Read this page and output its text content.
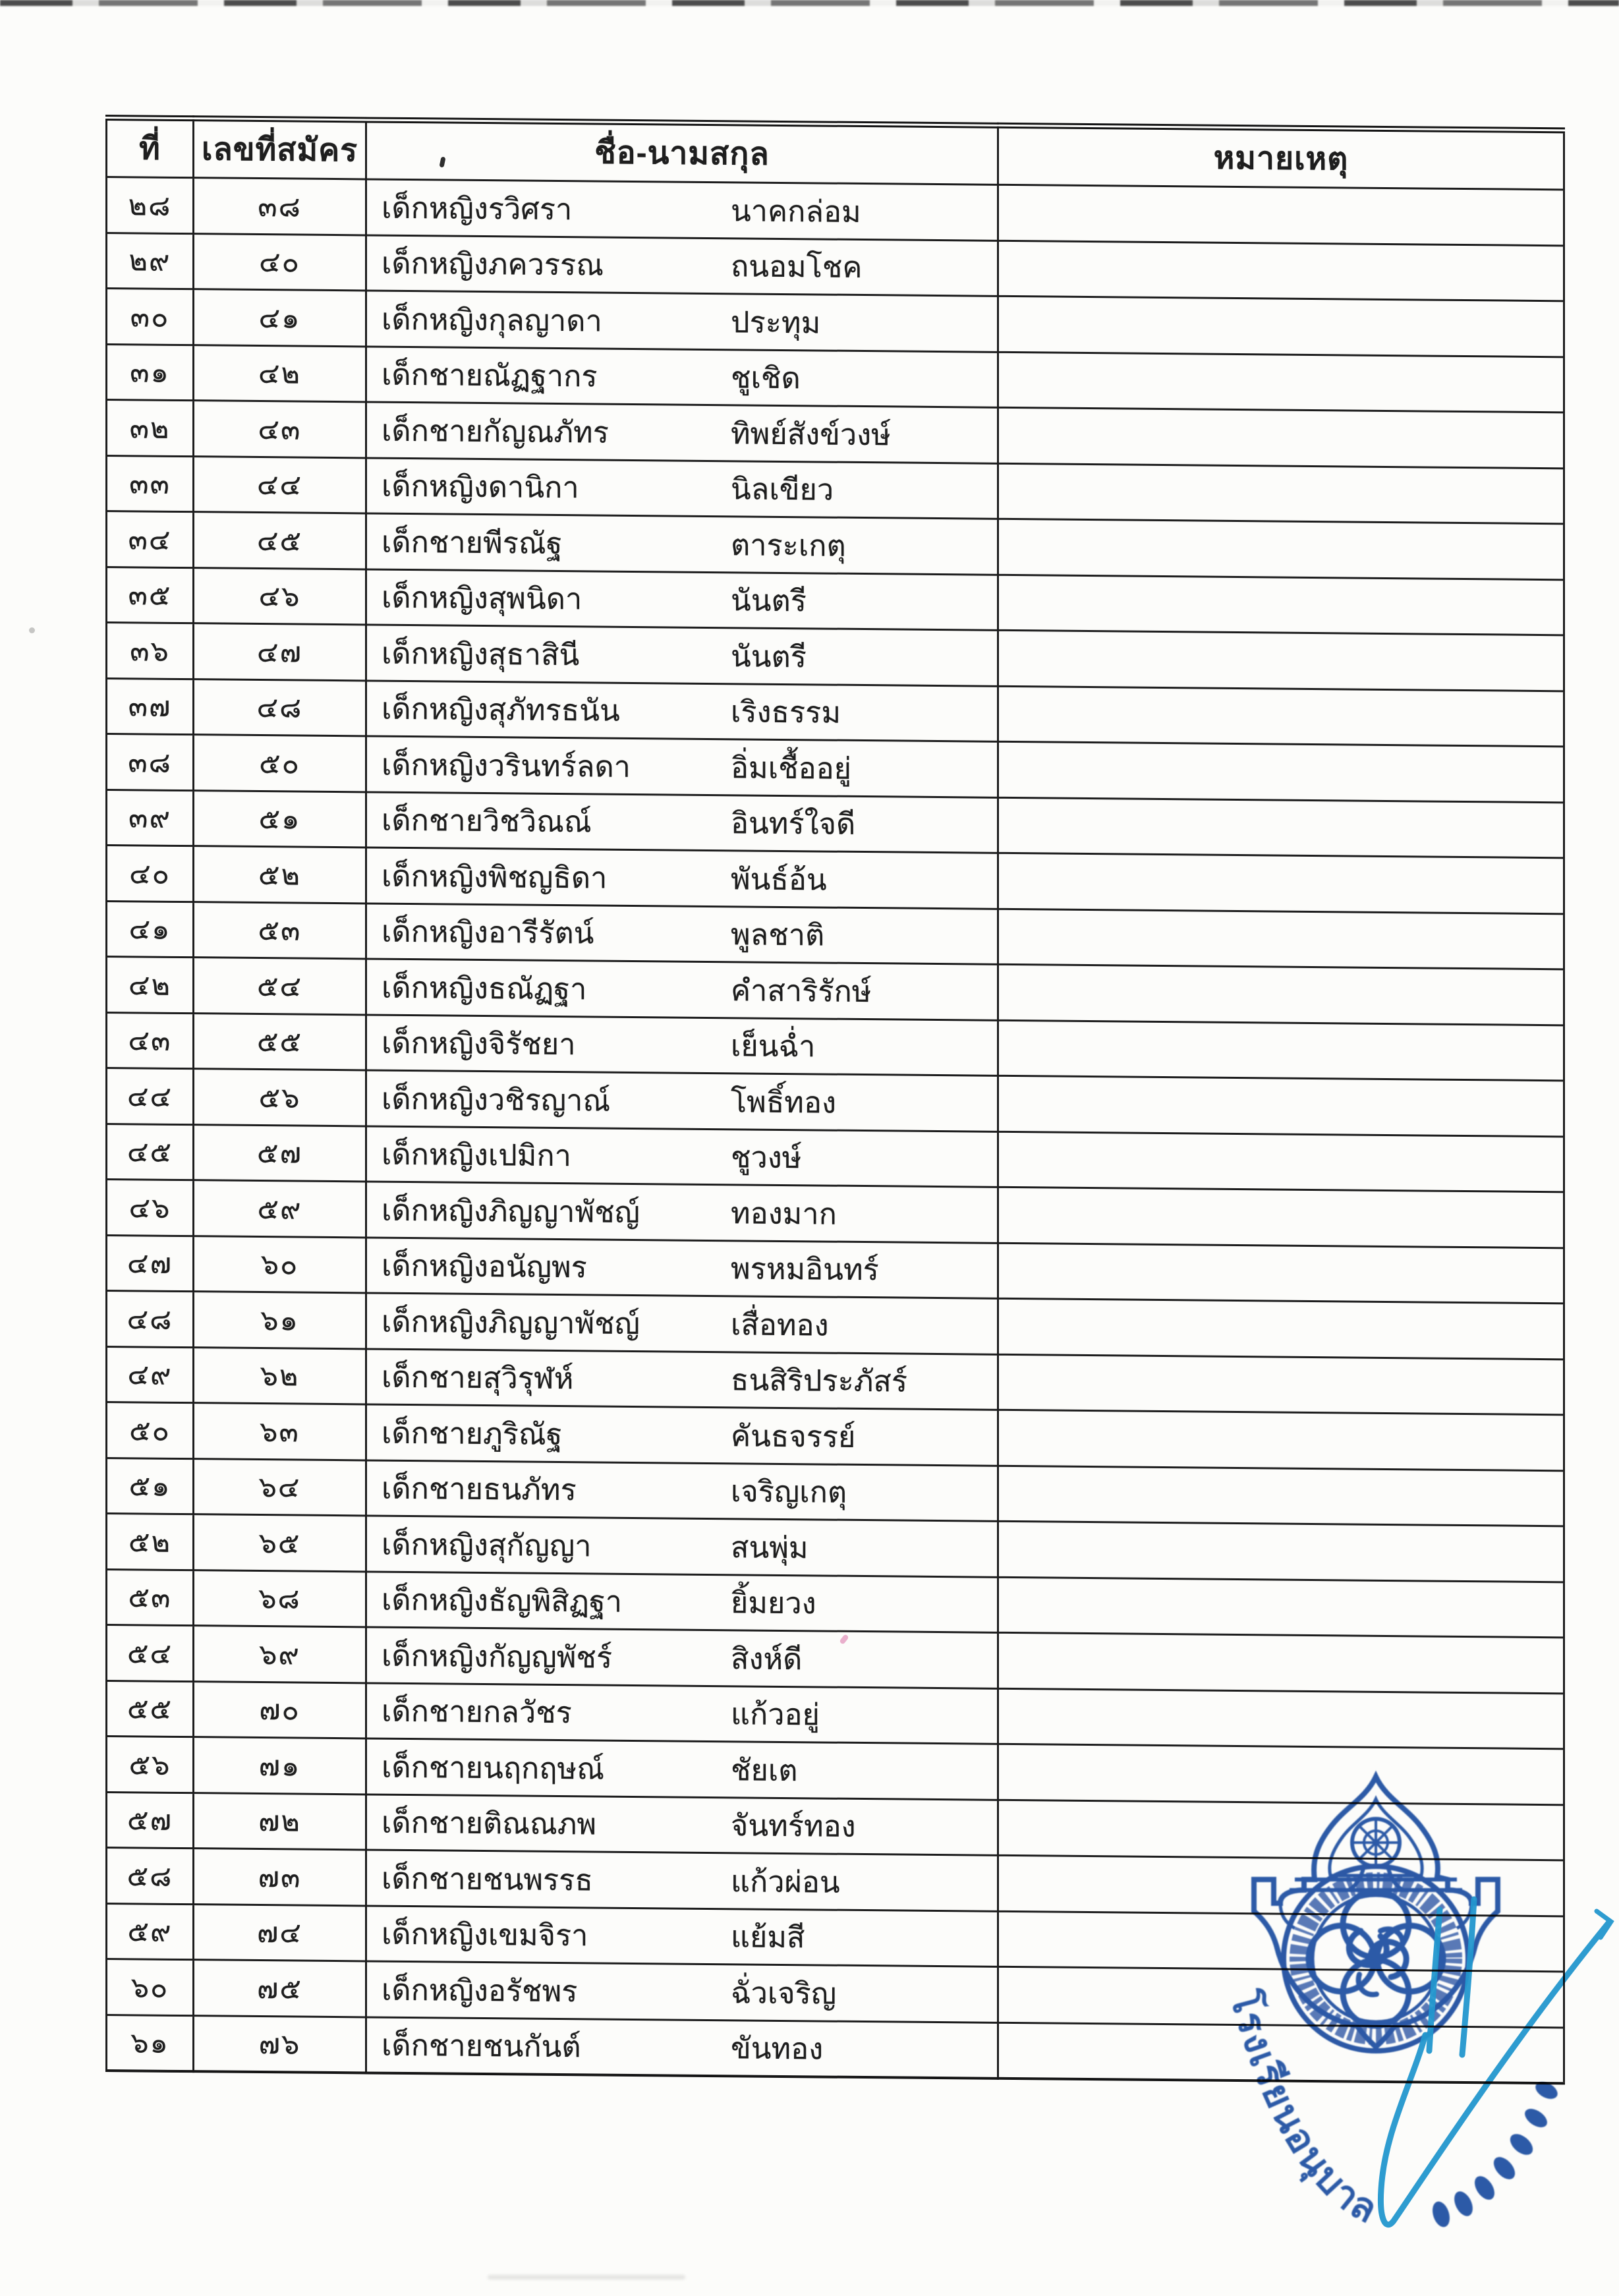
ที่	เลขที่สมัคร	ชื่อ-นามสกุล	หมายเหตุ
๒๘	๓๘	เด็กหญิงรวิศรา นาคกล่อม	
๒๙	๔๐	เด็กหญิงภควรรณ ถนอมโชค	
๓๐	๔๑	เด็กหญิงกุลญาดา ประทุม	
๓๑	๔๒	เด็กชายณัฏฐากร ชูเชิด	
๓๒	๔๓	เด็กชายกัญณภัทร ทิพย์สังข์วงษ์	
๓๓	๔๔	เด็กหญิงดานิกา นิลเขียว	
๓๔	๔๕	เด็กชายพีรณัฐ ตาระเกตุ	
๓๕	๔๖	เด็กหญิงสุพนิดา นันตรี	
๓๖	๔๗	เด็กหญิงสุธาสินี นันตรี	
๓๗	๔๘	เด็กหญิงสุภัทรธนัน เริงธรรม	
๓๘	๕๐	เด็กหญิงวรินทร์ลดา อิ่มเชื้ออยู่	
๓๙	๕๑	เด็กชายวิชวิณณ์ อินทร์ใจดี	
๔๐	๕๒	เด็กหญิงพิชญธิดา พันธ์อ้น	
๔๑	๕๓	เด็กหญิงอารีรัตน์ พูลชาติ	
๔๒	๕๔	เด็กหญิงธณัฏฐา คำสาริรักษ์	
๔๓	๕๕	เด็กหญิงจิรัชยา เย็นฉ่ำ	
๔๔	๕๖	เด็กหญิงวชิรญาณ์ โพธิ์ทอง	
๔๕	๕๗	เด็กหญิงเปมิกา ชูวงษ์	
๔๖	๕๙	เด็กหญิงภิญญาพัชญ์ ทองมาก	
๔๗	๖๐	เด็กหญิงอนัญพร พรหมอินทร์	
๔๘	๖๑	เด็กหญิงภิญญาพัชญ์ เสื่อทอง	
๔๙	๖๒	เด็กชายสุวิรุฬห์ ธนสิริประภัสร์	
๕๐	๖๓	เด็กชายภูริณัฐ คันธจรรย์	
๕๑	๖๔	เด็กชายธนภัทร เจริญเกตุ	
๕๒	๖๕	เด็กหญิงสุกัญญา สนพุ่ม	
๕๓	๖๘	เด็กหญิงธัญพิสิฏฐา ยิ้มยวง	
๕๔	๖๙	เด็กหญิงกัญญพัชร์ สิงห์ดี	
๕๕	๗๐	เด็กชายกลวัชร แก้วอยู่	
๕๖	๗๑	เด็กชายนฤกฤษณ์ ชัยเต	
๕๗	๗๒	เด็กชายติณณภพ จันทร์ทอง	
๕๘	๗๓	เด็กชายชนพรรธ แก้วผ่อน	
๕๙	๗๔	เด็กหญิงเขมจิรา แย้มสี	
๖๐	๗๕	เด็กหญิงอรัชพร ฉั่วเจริญ	
๖๑	๗๖	เด็กชายชนกันต์ ขันทอง	
โรงเรียนอนุบาล
